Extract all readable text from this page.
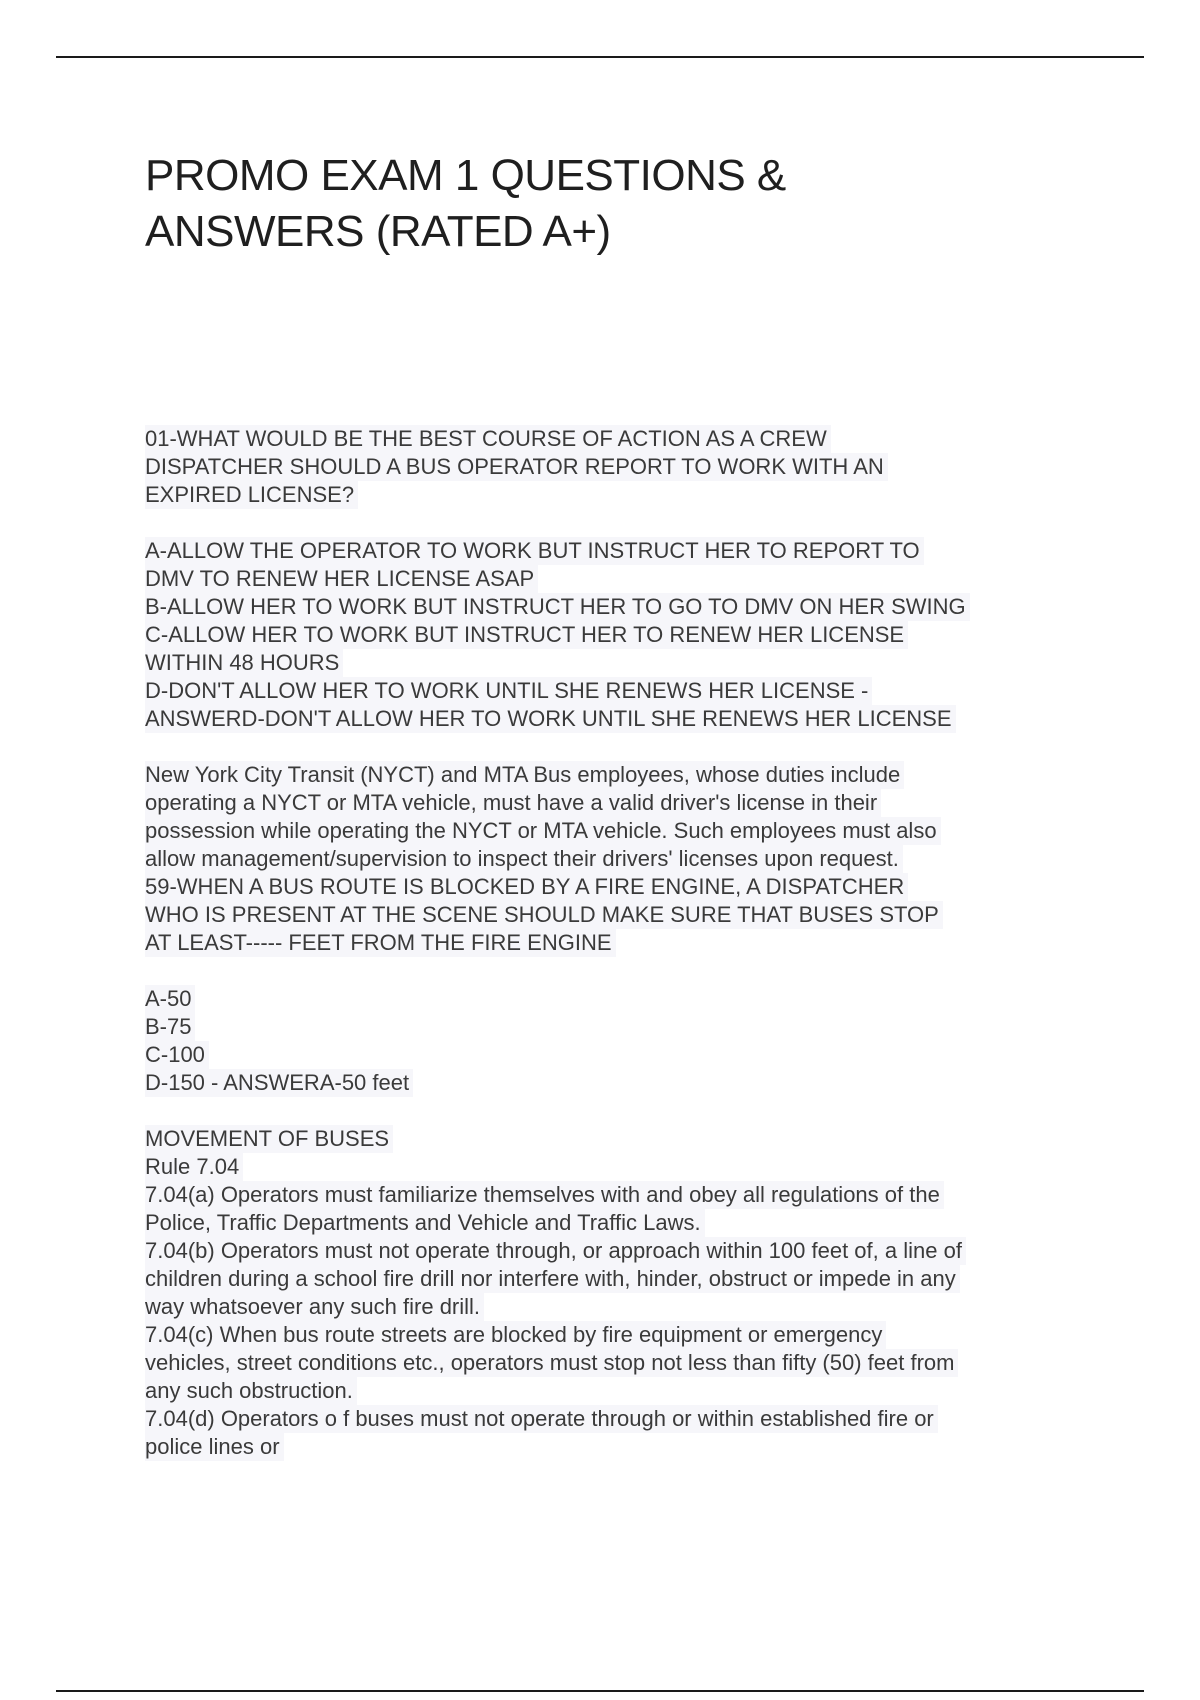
PROMO EXAM 1 QUESTIONS &
ANSWERS (RATED A+)
01-WHAT WOULD BE THE BEST COURSE OF ACTION AS A CREW
DISPATCHER SHOULD A BUS OPERATOR REPORT TO WORK WITH AN
EXPIRED LICENSE?
A-ALLOW THE OPERATOR TO WORK BUT INSTRUCT HER TO REPORT TO
DMV TO RENEW HER LICENSE ASAP
B-ALLOW HER TO WORK BUT INSTRUCT HER TO GO TO DMV ON HER SWING
C-ALLOW HER TO WORK BUT INSTRUCT HER TO RENEW HER LICENSE
WITHIN 48 HOURS
D-DON'T ALLOW HER TO WORK UNTIL SHE RENEWS HER LICENSE -
ANSWERD-DON'T ALLOW HER TO WORK UNTIL SHE RENEWS HER LICENSE
New York City Transit (NYCT) and MTA Bus employees, whose duties include
operating a NYCT or MTA vehicle, must have a valid driver's license in their
possession while operating the NYCT or MTA vehicle. Such employees must also
allow management/supervision to inspect their drivers' licenses upon request.
59-WHEN A BUS ROUTE IS BLOCKED BY A FIRE ENGINE, A DISPATCHER
WHO IS PRESENT AT THE SCENE SHOULD MAKE SURE THAT BUSES STOP
AT LEAST----- FEET FROM THE FIRE ENGINE
A-50
B-75
C-100
D-150 - ANSWERA-50 feet
MOVEMENT OF BUSES
Rule 7.04
7.04(a) Operators must familiarize themselves with and obey all regulations of the
Police, Traffic Departments and Vehicle and Traffic Laws.
7.04(b) Operators must not operate through, or approach within 100 feet of, a line of
children during a school fire drill nor interfere with, hinder, obstruct or impede in any
way whatsoever any such fire drill.
7.04(c) When bus route streets are blocked by fire equipment or emergency
vehicles, street conditions etc., operators must stop not less than fifty (50) feet from
any such obstruction.
7.04(d) Operators o f buses must not operate through or within established fire or
police lines or
